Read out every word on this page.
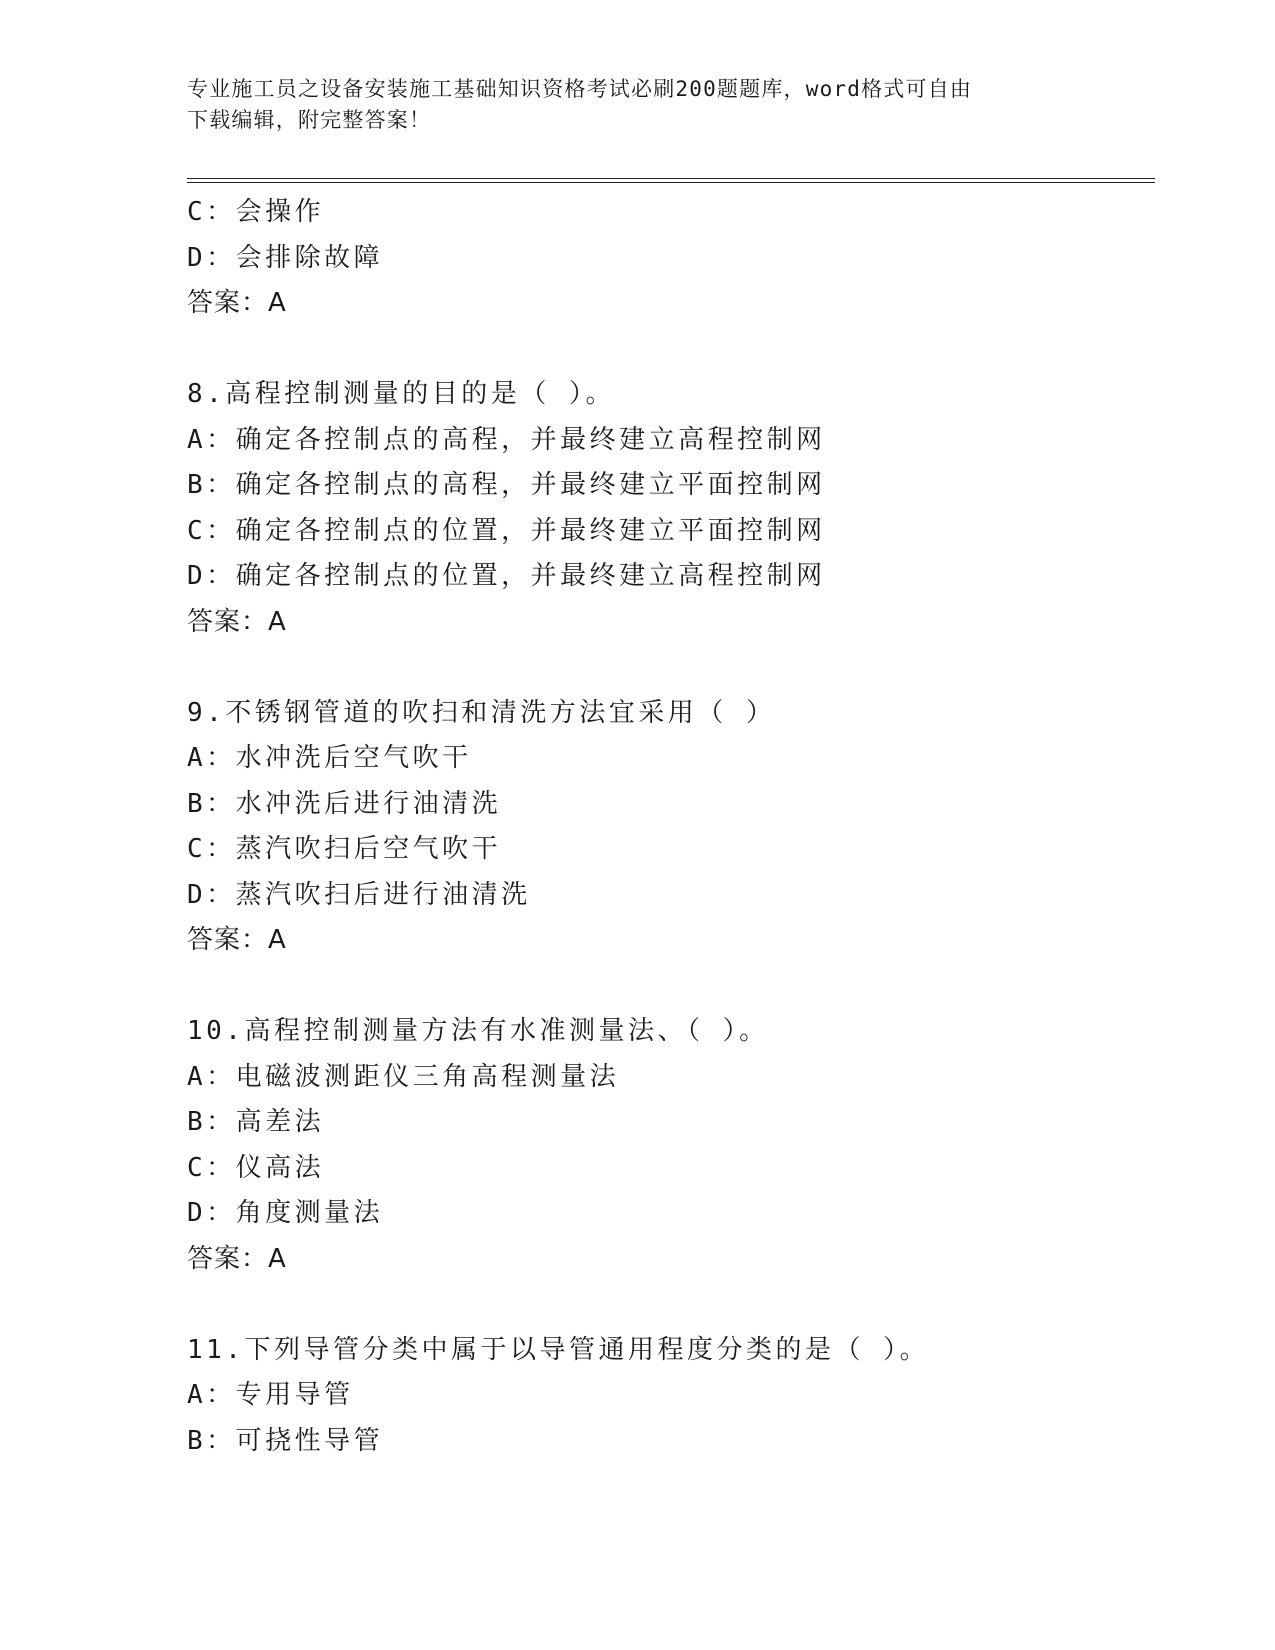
专业施工员之设备安装施工基础知识资格考试必刷200题题库，word格式可自由
下载编辑，附完整答案！
C：会操作
D：会排除故障
答案：A
8.高程控制测量的目的是（ ）。
A：确定各控制点的高程，并最终建立高程控制网
B：确定各控制点的高程，并最终建立平面控制网
C：确定各控制点的位置，并最终建立平面控制网
D：确定各控制点的位置，并最终建立高程控制网
答案：A
9.不锈钢管道的吹扫和清洗方法宜采用（ ）
A：水冲洗后空气吹干
B：水冲洗后进行油清洗
C：蒸汽吹扫后空气吹干
D：蒸汽吹扫后进行油清洗
答案：A
10.高程控制测量方法有水准测量法、（ ）。
A：电磁波测距仪三角高程测量法
B：高差法
C：仪高法
D：角度测量法
答案：A
11.下列导管分类中属于以导管通用程度分类的是（ ）。
A：专用导管
B：可挠性导管
